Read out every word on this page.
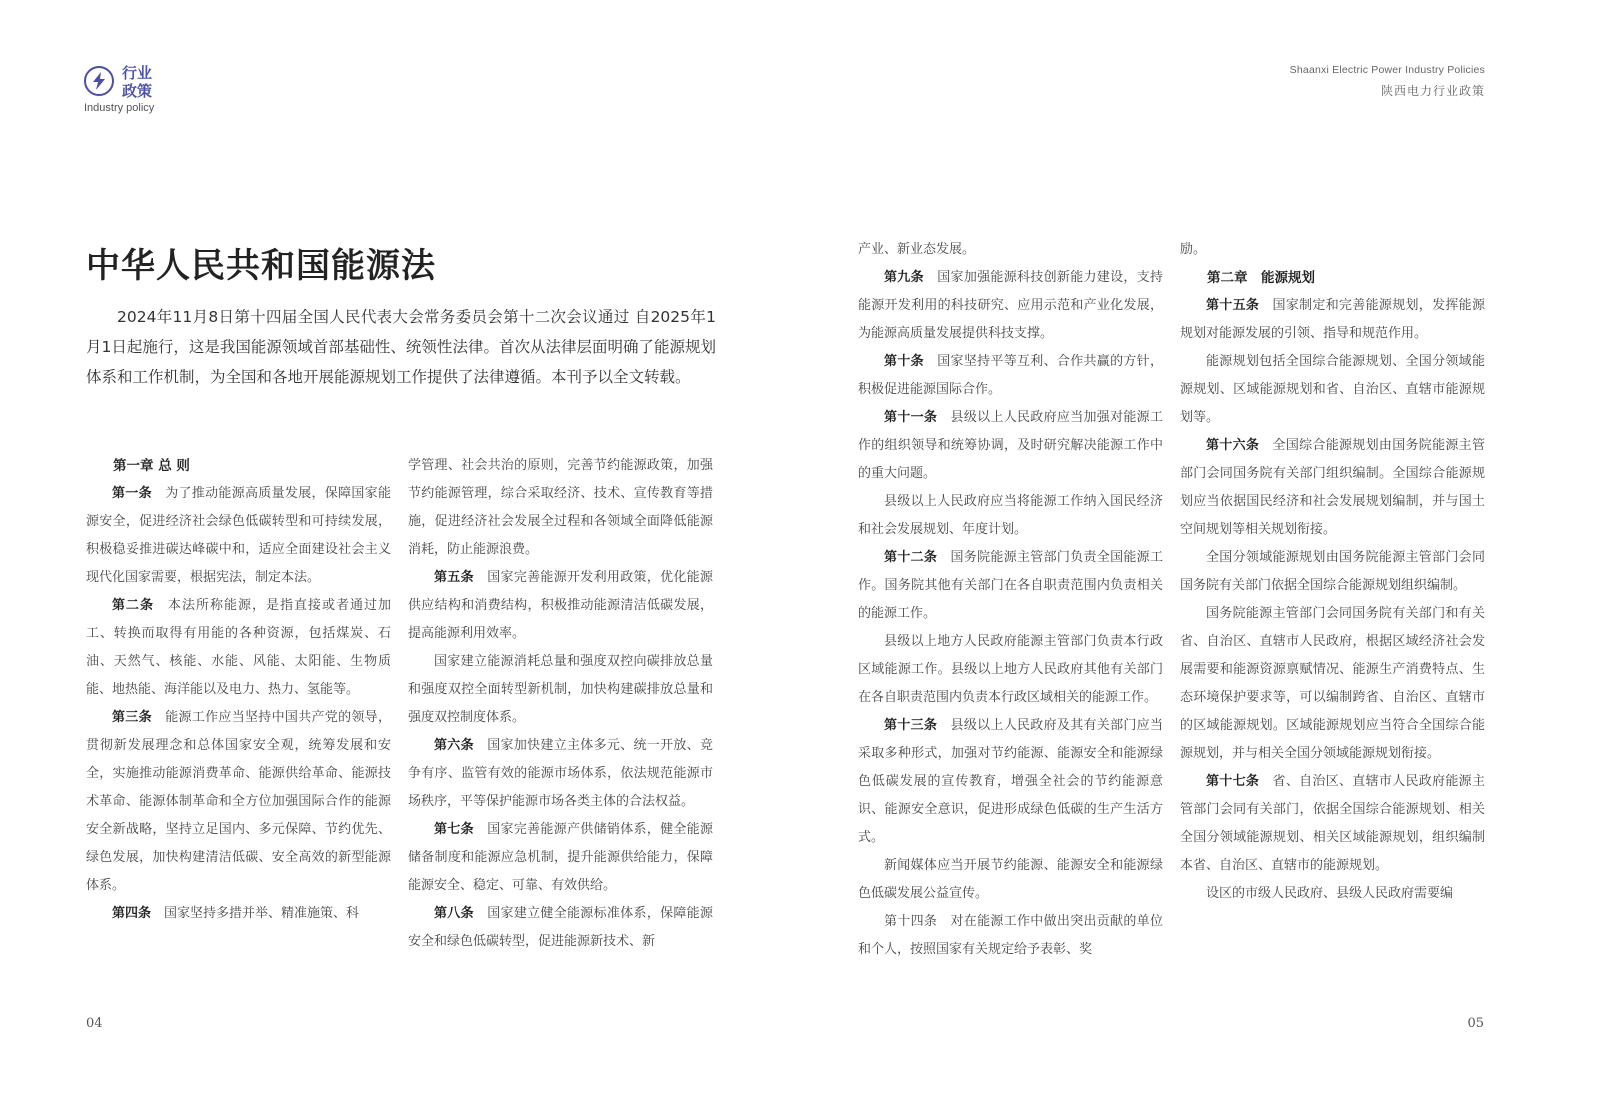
行业政策
Industry policy
Shaanxi Electric Power Industry Policies
陕西电力行业政策
中华人民共和国能源法

2024年11月8日第十四届全国人民代表大会常务委员会第十二次会议通过 自2025年1月1日起施行，这是我国能源领域首部基础性、统领性法律。首次从法律层面明确了能源规划体系和工作机制，为全国和各地开展能源规划工作提供了法律遵循。本刊予以全文转载。

第一章 总 则

第一条　 为了推动能源高质量发展，保障国家能源安全，促进经济社会绿色低碳转型和可持续发展，积极稳妥推进碳达峰碳中和，适应全面建设社会主义现代化国家需要，根据宪法，制定本法。

第二条　 本法所称能源，是指直接或者通过加工、转换而取得有用能的各种资源，包括煤炭、石油、天然气、核能、水能、风能、太阳能、生物质能、地热能、海洋能以及电力、热力、氢能等。

第三条　 能源工作应当坚持中国共产党的领导，贯彻新发展理念和总体国家安全观，统筹发展和安全，实施推动能源消费革命、能源供给革命、能源技术革命、能源体制革命和全方位加强国际合作的能源安全新战略，坚持立足国内、多元保障、节约优先、绿色发展，加快构建清洁低碳、安全高效的新型能源体系。

第四条　 国家坚持多措并举、精准施策、科

学管理、社会共治的原则，完善节约能源政策，加强节约能源管理，综合采取经济、技术、宣传教育等措施，促进经济社会发展全过程和各领域全面降低能源消耗，防止能源浪费。

第五条　 国家完善能源开发利用政策，优化能源供应结构和消费结构，积极推动能源清洁低碳发展，提高能源利用效率。

国家建立能源消耗总量和强度双控向碳排放总量和强度双控全面转型新机制，加快构建碳排放总量和强度双控制度体系。

第六条　 国家加快建立主体多元、统一开放、竞争有序、监管有效的能源市场体系，依法规范能源市场秩序，平等保护能源市场各类主体的合法权益。

第七条　 国家完善能源产供储销体系，健全能源储备制度和能源应急机制，提升能源供给能力，保障能源安全、稳定、可靠、有效供给。

第八条　 国家建立健全能源标准体系，保障能源安全和绿色低碳转型，促进能源新技术、新

产业、新业态发展。

第九条　 国家加强能源科技创新能力建设，支持能源开发利用的科技研究、应用示范和产业化发展，为能源高质量发展提供科技支撑。

第十条　 国家坚持平等互利、合作共赢的方针，积极促进能源国际合作。

第十一条　 县级以上人民政府应当加强对能源工作的组织领导和统筹协调，及时研究解决能源工作中的重大问题。

县级以上人民政府应当将能源工作纳入国民经济和社会发展规划、年度计划。

第十二条　 国务院能源主管部门负责全国能源工作。国务院其他有关部门在各自职责范围内负责相关的能源工作。

县级以上地方人民政府能源主管部门负责本行政区域能源工作。县级以上地方人民政府其他有关部门在各自职责范围内负责本行政区域相关的能源工作。

第十三条　 县级以上人民政府及其有关部门应当采取多种形式，加强对节约能源、能源安全和能源绿色低碳发展的宣传教育，增强全社会的节约能源意识、能源安全意识，促进形成绿色低碳的生产生活方式。

新闻媒体应当开展节约能源、能源安全和能源绿色低碳发展公益宣传。

第十四条　对在能源工作中做出突出贡献的单位和个人，按照国家有关规定给予表彰、奖

励。

第二章　能源规划

第十五条　 国家制定和完善能源规划，发挥能源规划对能源发展的引领、指导和规范作用。

能源规划包括全国综合能源规划、全国分领域能源规划、区域能源规划和省、自治区、直辖市能源规划等。

第十六条　 全国综合能源规划由国务院能源主管部门会同国务院有关部门组织编制。全国综合能源规划应当依据国民经济和社会发展规划编制，并与国土空间规划等相关规划衔接。

全国分领域能源规划由国务院能源主管部门会同国务院有关部门依据全国综合能源规划组织编制。

国务院能源主管部门会同国务院有关部门和有关省、自治区、直辖市人民政府，根据区域经济社会发展需要和能源资源禀赋情况、能源生产消费特点、生态环境保护要求等，可以编制跨省、自治区、直辖市的区域能源规划。区域能源规划应当符合全国综合能源规划，并与相关全国分领域能源规划衔接。

第十七条　 省、自治区、直辖市人民政府能源主管部门会同有关部门，依据全国综合能源规划、相关全国分领域能源规划、相关区域能源规划，组织编制本省、自治区、直辖市的能源规划。

设区的市级人民政府、县级人民政府需要编

04	05
